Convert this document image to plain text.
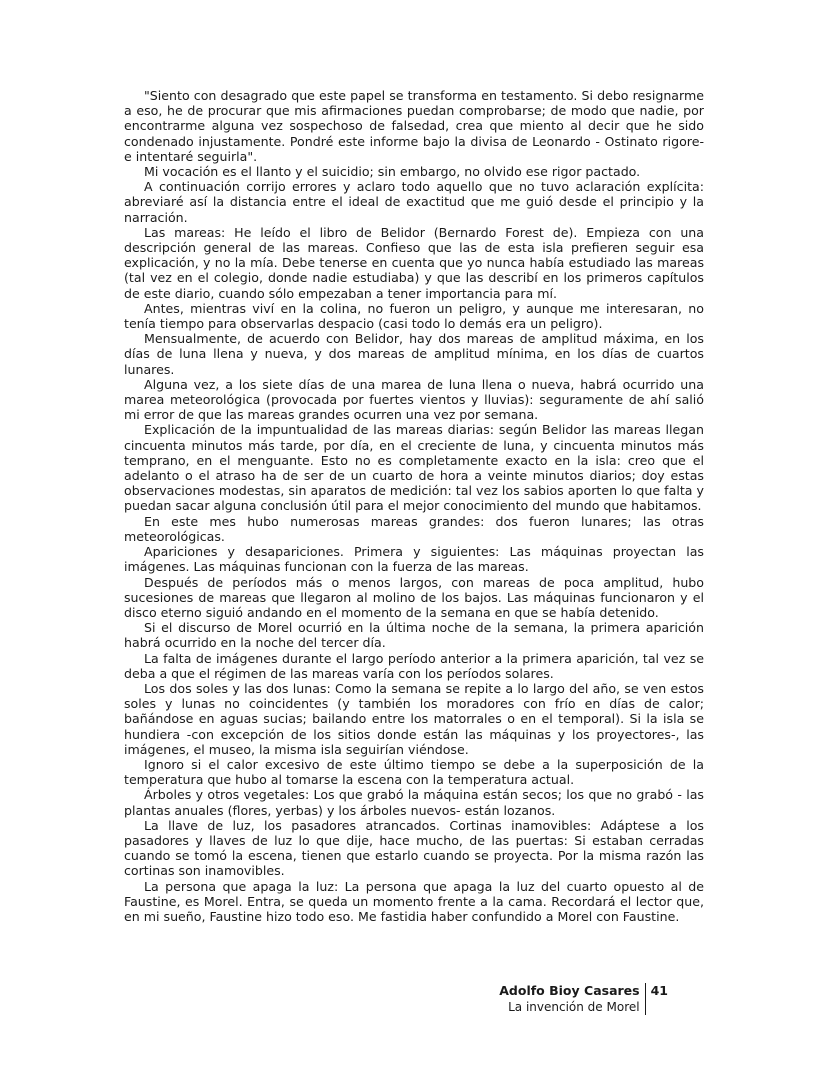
"Siento con desagrado que este papel se transforma en testamento. Si debo resignarme a eso, he de procurar que mis afirmaciones puedan comprobarse; de modo que nadie, por encontrarme alguna vez sospechoso de falsedad, crea que miento al decir que he sido condenado injustamente. Pondré este informe bajo la divisa de Leonardo - Ostinato rigore- e intentaré seguirla".

Mi vocación es el llanto y el suicidio; sin embargo, no olvido ese rigor pactado.

A continuación corrijo errores y aclaro todo aquello que no tuvo aclaración explícita: abreviaré así la distancia entre el ideal de exactitud que me guió desde el principio y la narración.

Las mareas: He leído el libro de Belidor (Bernardo Forest de). Empieza con una descripción general de las mareas. Confieso que las de esta isla prefieren seguir esa explicación, y no la mía. Debe tenerse en cuenta que yo nunca había estudiado las mareas (tal vez en el colegio, donde nadie estudiaba) y que las describí en los primeros capítulos de este diario, cuando sólo empezaban a tener importancia para mí.

Antes, mientras viví en la colina, no fueron un peligro, y aunque me interesaran, no tenía tiempo para observarlas despacio (casi todo lo demás era un peligro).

Mensualmente, de acuerdo con Belidor, hay dos mareas de amplitud máxima, en los días de luna llena y nueva, y dos mareas de amplitud mínima, en los días de cuartos lunares.

Alguna vez, a los siete días de una marea de luna llena o nueva, habrá ocurrido una marea meteorológica (provocada por fuertes vientos y lluvias): seguramente de ahí salió mi error de que las mareas grandes ocurren una vez por semana.

Explicación de la impuntualidad de las mareas diarias: según Belidor las mareas llegan cincuenta minutos más tarde, por día, en el creciente de luna, y cincuenta minutos más temprano, en el menguante. Esto no es completamente exacto en la isla: creo que el adelanto o el atraso ha de ser de un cuarto de hora a veinte minutos diarios; doy estas observaciones modestas, sin aparatos de medición: tal vez los sabios aporten lo que falta y puedan sacar alguna conclusión útil para el mejor conocimiento del mundo que habitamos.

En este mes hubo numerosas mareas grandes: dos fueron lunares; las otras meteorológicas.

Apariciones y desapariciones. Primera y siguientes: Las máquinas proyectan las imágenes. Las máquinas funcionan con la fuerza de las mareas.

Después de períodos más o menos largos, con mareas de poca amplitud, hubo sucesiones de mareas que llegaron al molino de los bajos. Las máquinas funcionaron y el disco eterno siguió andando en el momento de la semana en que se había detenido.

Si el discurso de Morel ocurrió en la última noche de la semana, la primera aparición habrá ocurrido en la noche del tercer día.

La falta de imágenes durante el largo período anterior a la primera aparición, tal vez se deba a que el régimen de las mareas varía con los períodos solares.

Los dos soles y las dos lunas: Como la semana se repite a lo largo del año, se ven estos soles y lunas no coincidentes (y también los moradores con frío en días de calor; bañándose en aguas sucias; bailando entre los matorrales o en el temporal). Si la isla se hundiera -con excepción de los sitios donde están las máquinas y los proyectores-, las imágenes, el museo, la misma isla seguirían viéndose.

Ignoro si el calor excesivo de este último tiempo se debe a la superposición de la temperatura que hubo al tomarse la escena con la temperatura actual.

Árboles y otros vegetales: Los que grabó la máquina están secos; los que no grabó - las plantas anuales (flores, yerbas) y los árboles nuevos- están lozanos.

La llave de luz, los pasadores atrancados. Cortinas inamovibles: Adáptese a los pasadores y llaves de luz lo que dije, hace mucho, de las puertas: Si estaban cerradas cuando se tomó la escena, tienen que estarlo cuando se proyecta. Por la misma razón las cortinas son inamovibles.

La persona que apaga la luz: La persona que apaga la luz del cuarto opuesto al de Faustine, es Morel. Entra, se queda un momento frente a la cama. Recordará el lector que, en mi sueño, Faustine hizo todo eso. Me fastidia haber confundido a Morel con Faustine.

Adolfo Bioy Casares
La invención de Morel
41
